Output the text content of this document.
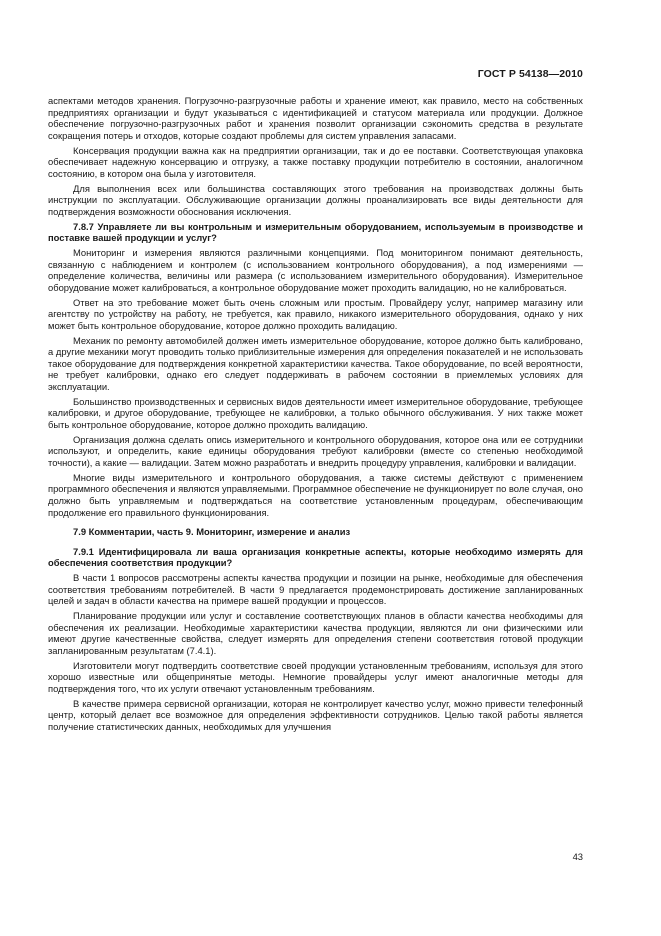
ГОСТ Р 54138—2010

аспектами методов хранения. Погрузочно-разгрузочные работы и хранение имеют, как правило, место на собственных предприятиях организации и будут указываться с идентификацией и статусом материала или продукции. Должное обеспечение погрузочно-разгрузочных работ и хранения позволит организации сэкономить средства в результате сокращения потерь и отходов, которые создают проблемы для систем управления запасами.

Консервация продукции важна как на предприятии организации, так и до ее поставки. Соответствующая упаковка обеспечивает надежную консервацию и отгрузку, а также поставку продукции потребителю в состоянии, аналогичном состоянию, в котором она была у изготовителя.

Для выполнения всех или большинства составляющих этого требования на производствах должны быть инструкции по эксплуатации. Обслуживающие организации должны проанализировать все виды деятельности для подтверждения возможности обоснования исключения.

7.8.7 Управляете ли вы контрольным и измерительным оборудованием, используемым в производстве и поставке вашей продукции и услуг?

Мониторинг и измерения являются различными концепциями. Под мониторингом понимают деятельность, связанную с наблюдением и контролем (с использованием контрольного оборудования), а под измерениями — определение количества, величины или размера (с использованием измерительного оборудования). Измерительное оборудование может калиброваться, а контрольное оборудование может проходить валидацию, но не калиброваться.

Ответ на это требование может быть очень сложным или простым. Провайдеру услуг, например магазину или агентству по устройству на работу, не требуется, как правило, никакого измерительного оборудования, однако у них может быть контрольное оборудование, которое должно проходить валидацию.

Механик по ремонту автомобилей должен иметь измерительное оборудование, которое должно быть калибровано, а другие механики могут проводить только приблизительные измерения для определения показателей и не использовать такое оборудование для подтверждения конкретной характеристики качества. Такое оборудование, по всей вероятности, не требует калибровки, однако его следует поддерживать в рабочем состоянии в приемлемых условиях для эксплуатации.

Большинство производственных и сервисных видов деятельности имеет измерительное оборудование, требующее калибровки, и другое оборудование, требующее не калибровки, а только обычного обслуживания. У них также может быть контрольное оборудование, которое должно проходить валидацию.

Организация должна сделать опись измерительного и контрольного оборудования, которое она или ее сотрудники используют, и определить, какие единицы оборудования требуют калибровки (вместе со степенью необходимой точности), а какие — валидации. Затем можно разработать и внедрить процедуру управления, калибровки и валидации.

Многие виды измерительного и контрольного оборудования, а также системы действуют с применением программного обеспечения и являются управляемыми. Программное обеспечение не функционирует по воле случая, оно должно быть управляемым и подтверждаться на соответствие установленным процедурам, обеспечивающим продолжение его правильного функционирования.

7.9 Комментарии, часть 9. Мониторинг, измерение и анализ

7.9.1 Идентифицировала ли ваша организация конкретные аспекты, которые необходимо измерять для обеспечения соответствия продукции?

В части 1 вопросов рассмотрены аспекты качества продукции и позиции на рынке, необходимые для обеспечения соответствия требованиям потребителей. В части 9 предлагается продемонстрировать достижение запланированных целей и задач в области качества на примере вашей продукции и процессов.

Планирование продукции или услуг и составление соответствующих планов в области качества необходимы для обеспечения их реализации. Необходимые характеристики качества продукции, являются ли они физическими или имеют другие качественные свойства, следует измерять для определения степени соответствия готовой продукции запланированным результатам (7.4.1).

Изготовители могут подтвердить соответствие своей продукции установленным требованиям, используя для этого хорошо известные или общепринятые методы. Немногие провайдеры услуг имеют аналогичные методы для подтверждения того, что их услуги отвечают установленным требованиям.

В качестве примера сервисной организации, которая не контролирует качество услуг, можно привести телефонный центр, который делает все возможное для определения эффективности сотрудников. Целью такой работы является получение статистических данных, необходимых для улучшения

43
